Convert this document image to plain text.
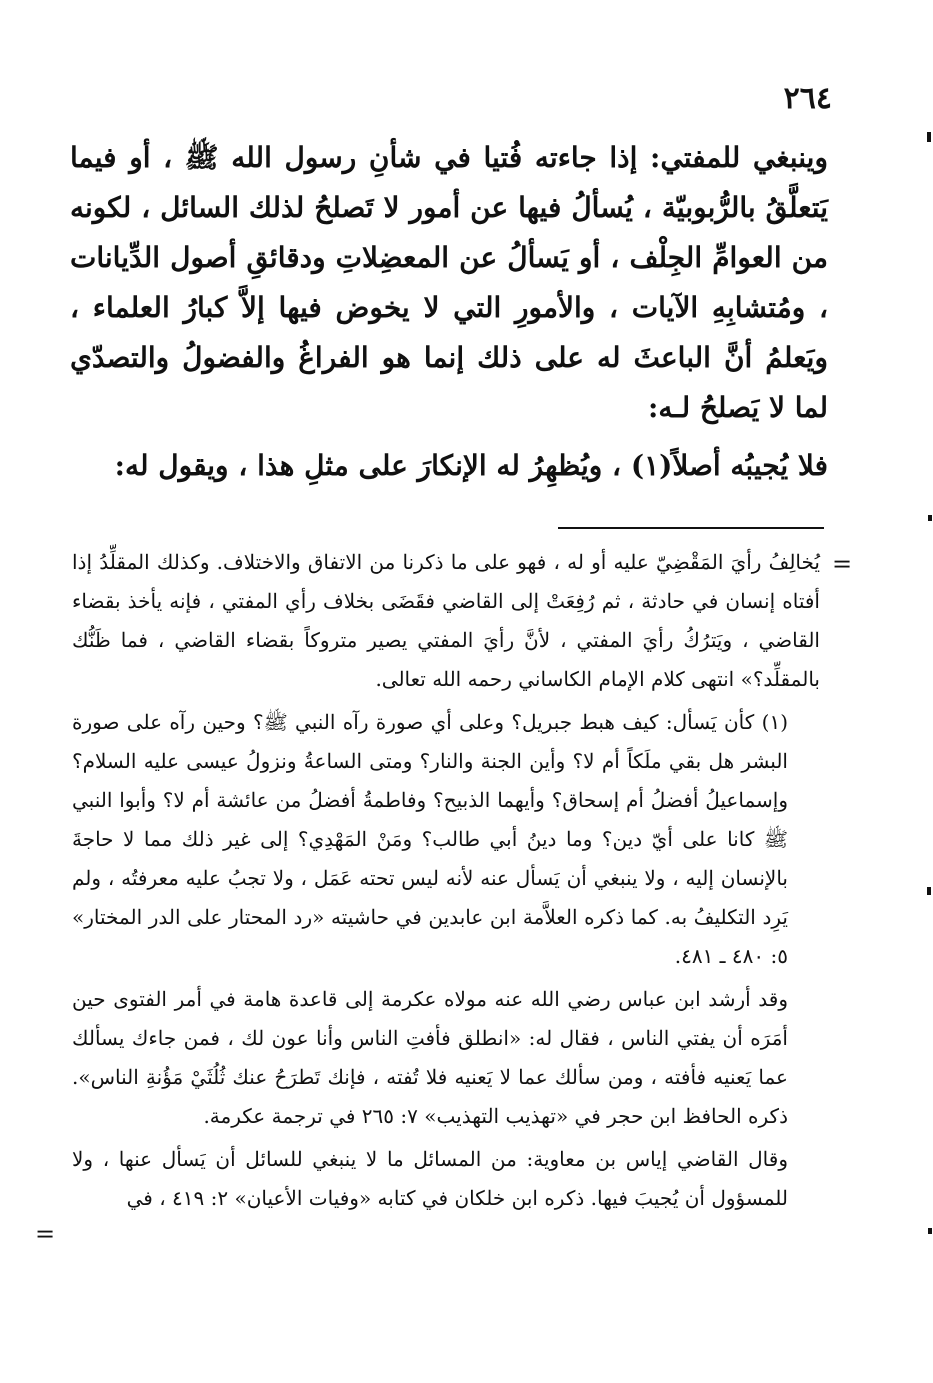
٢٦٤

وينبغي للمفتي: إذا جاءته فُتيا في شأنِ رسول الله ﷺ ، أو فيما يَتعلَّقُ بالرُّبوبيّة ، يُسألُ فيها عن أمور لا تَصلحُ لذلك السائل ، لكونه من العوامِّ الجِلْف ، أو يَسألُ عن المعضِلاتِ ودقائقِ أصول الدِّيانات ، ومُتشابِهِ الآيات ، والأمورِ التي لا يخوض فيها إلاَّ كبارُ العلماء ، ويَعلمُ أنَّ الباعثَ له على ذلك إنما هو الفراغُ والفضولُ والتصدّي لما لا يَصلحُ لـه:

فلا يُجيبُه أصلاً(١) ، ويُظهِرُ له الإنكارَ على مثلِ هذا ، ويقول له:

=

يُخالِفُ رأيَ المَقْضِيّ عليه أو له ، فهو على ما ذكرنا من الاتفاق والاختلاف. وكذلك المقلِّدُ إذا أفتاه إنسان في حادثة ، ثم رُفِعَتْ إلى القاضي فقَضَى بخلاف رأي المفتي ، فإنه يأخذ بقضاء القاضي ، ويَترُكُ رأيَ المفتي ، لأنَّ رأيَ المفتي يصير متروكاً بقضاء القاضي ، فما ظَنُّك بالمقلِّد؟» انتهى كلام الإمام الكاساني رحمه الله تعالى.

(١) كأن يَسأل: كيف هبط جبريل؟ وعلى أي صورة رآه النبي ﷺ؟ وحين رآه على صورة البشر هل بقي ملَكاً أم لا؟ وأين الجنة والنار؟ ومتى الساعةُ ونزولُ عيسى عليه السلام؟ وإسماعيلُ أفضلُ أم إسحاق؟ وأيهما الذبيح؟ وفاطمةُ أفضلُ من عائشة أم لا؟ وأبوا النبي ﷺ كانا على أيّ دين؟ وما دينُ أبي طالب؟ ومَنْ المَهْدِي؟ إلى غير ذلك مما لا حاجةَ بالإنسان إليه ، ولا ينبغي أن يَسأل عنه لأنه ليس تحته عَمَل ، ولا تجبُ عليه معرفتُه ، ولم يَرِد التكليفُ به. كما ذكره العلاَّمة ابن عابدين في حاشيته «رد المحتار على الدر المختار» ٥: ٤٨٠ ـ ٤٨١.

وقد أرشد ابن عباس رضي الله عنه مولاه عكرمة إلى قاعدة هامة في أمر الفتوى حين أمَرَه أن يفتي الناس ، فقال له: «انطلق فأفتِ الناس وأنا عون لك ، فمن جاءك يسألك عما يَعنيه فأفته ، ومن سألك عما لا يَعنيه فلا تُفته ، فإنك تَطرَحُ عنك ثُلُثَيْ مَؤُنةِ الناس». ذكره الحافظ ابن حجر في «تهذيب التهذيب» ٧: ٢٦٥ في ترجمة عكرمة.

وقال القاضي إياس بن معاوية: من المسائل ما لا ينبغي للسائل أن يَسأل عنها ، ولا للمسؤول أن يُجيبَ فيها. ذكره ابن خلكان في كتابه «وفيات الأعيان» ٢: ٤١٩ ، في

=
